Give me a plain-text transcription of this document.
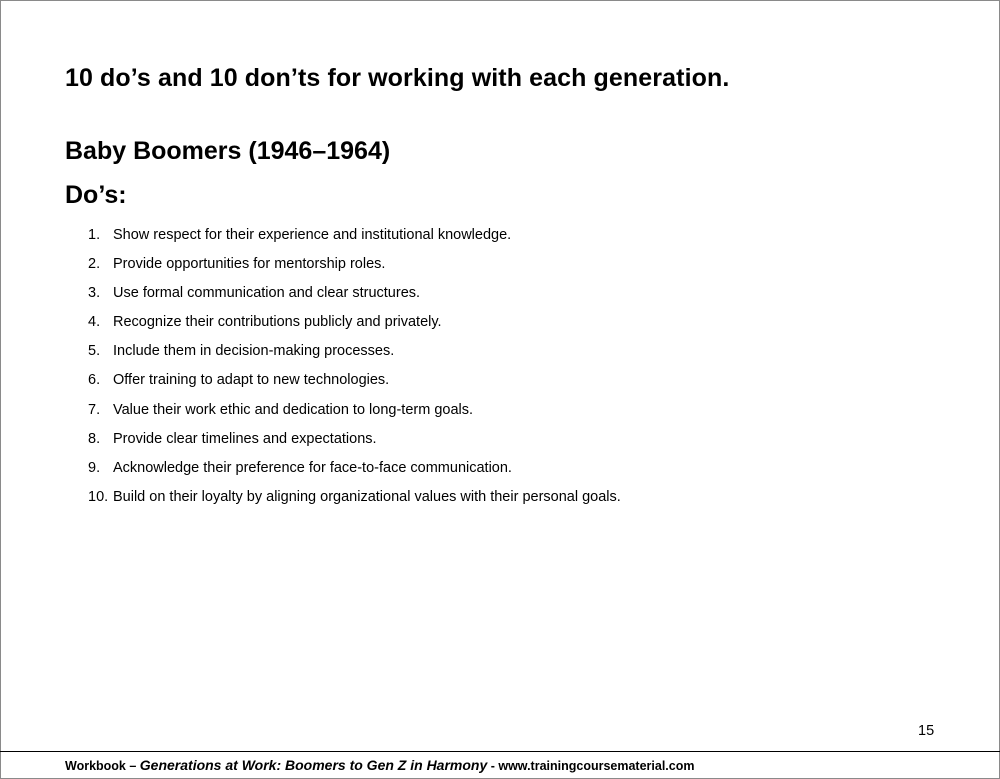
10 do’s and 10 don’ts for working with each generation.
Baby Boomers (1946–1964)
Do’s:
1. Show respect for their experience and institutional knowledge.
2. Provide opportunities for mentorship roles.
3. Use formal communication and clear structures.
4. Recognize their contributions publicly and privately.
5. Include them in decision-making processes.
6. Offer training to adapt to new technologies.
7. Value their work ethic and dedication to long-term goals.
8. Provide clear timelines and expectations.
9. Acknowledge their preference for face-to-face communication.
10. Build on their loyalty by aligning organizational values with their personal goals.
15
Workbook – Generations at Work: Boomers to Gen Z in Harmony - www.trainingcoursematerial.com
